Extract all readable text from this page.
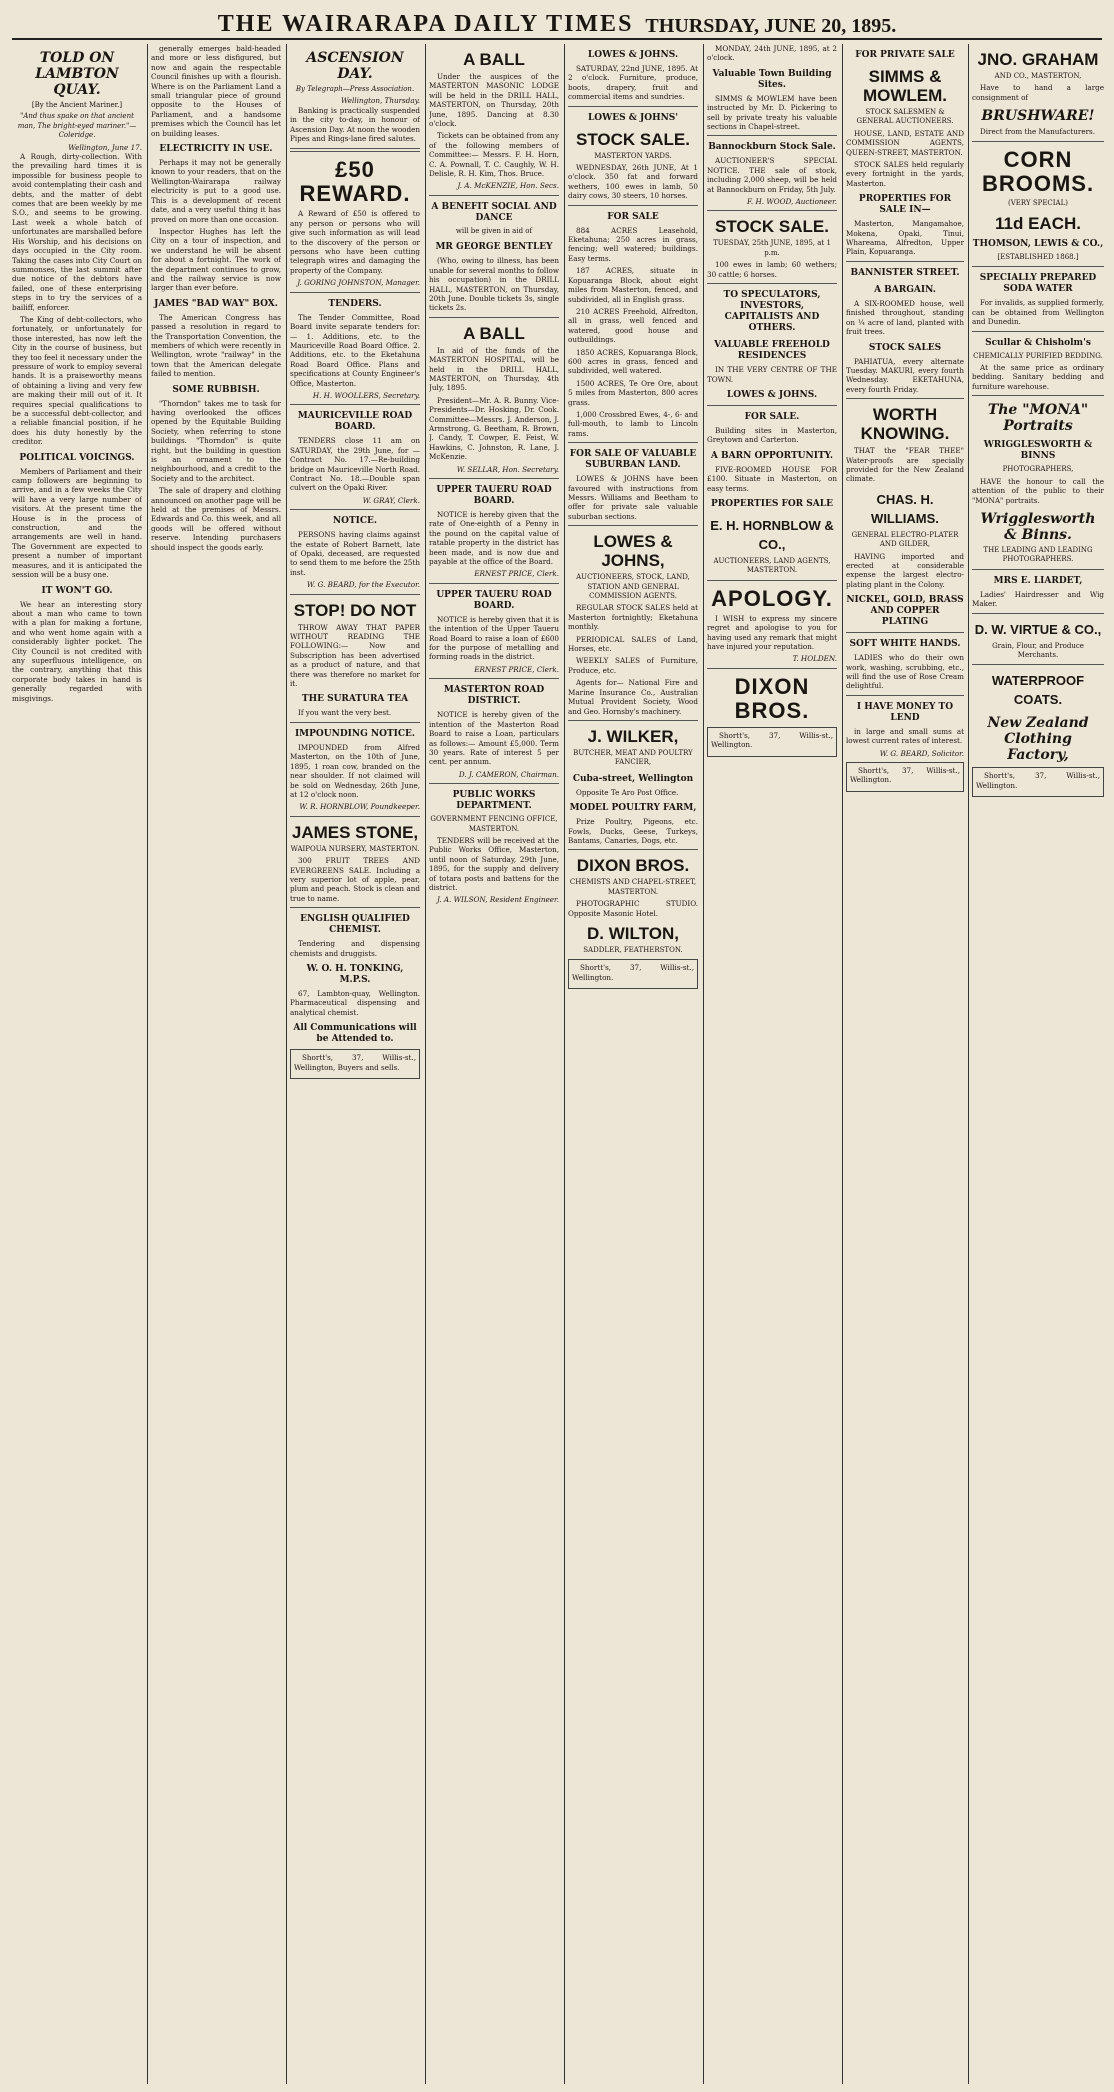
THE WAIRARAPA DAILY TIMES THURSDAY, JUNE 20, 1895.
TOLD ON LAMBTON QUAY.
[By the Ancient Mariner.]
"And thus spake on that ancient man, The bright-eyed mariner."—Coleridge.
Wellington, June 17.

A Rough, dirty-collection. With the prevailing hard times it is impossible for business people to avoid contemplating their cash and debts, and the matter of debt comes that are been weekly by me S.O., and seems to be growing. Last week a whole batch of unfortunates are marshalled before His Worship, and his decisions on days occupied in the City room. Taking the cases into City Court on summonses, the last summit after due notice of the debtors have failed, one of these enterprising steps in to try the services of a bailiff, enforcer.

The King of debt-collectors, who fortunately, or unfortunately for those interested, has now left the City in the course of business, but they too feel it necessary under the pressure of work to employ several hands. It is a praiseworthy means of obtaining a living and very few are making their mill out of it. It requires special qualifications to be a successful debt-collector, and a reliable financial position, if he does his duty honestly by the creditor.

POLITICAL VOICINGS.

Members of Parliament and their camp followers are beginning to arrive, and in a few weeks the City will have a very large number of visitors. At the present time the House is in the process of construction, and the arrangements are well in hand. The Government are expected to present a number of important measures, and it is anticipated the session will be a busy one.

IT WON'T GO.

We hear an interesting story about a man who came to town with a plan for making a fortune, and who went home again with a considerably lighter pocket. The City Council is not credited with any superfluous intelligence, on the contrary, anything that this corporate body takes in hand is generally regarded with misgivings.

generally emerges bald-headed and more or less disfigured, but now and again the respectable Council finishes up with a flourish. Where is on the Parliament Land a small triangular piece of ground opposite to the Houses of Parliament, and a handsome premises which the Council has let on building leases.

ELECTRICITY IN USE.

Perhaps it may not be generally known to your readers, that on the Wellington-Wairarapa railway electricity is put to a good use. This is a development of recent date, and a very useful thing it has proved on more than one occasion.

Inspector Hughes has left the City on a tour of inspection, and we understand he will be absent for about a fortnight. The work of the department continues to grow, and the railway service is now larger than ever before.

JAMES "BAD WAY" BOX.

The American Congress has passed a resolution in regard to the Transportation Convention, the members of which were recently in Wellington, wrote "railway" in the town that the American delegate failed to mention.

SOME RUBBISH.

"Thorndon" takes me to task for having overlooked the offices opened by the Equitable Building Society, when referring to stone buildings. "Thorndon" is quite right, but the building in question is an ornament to the neighbourhood, and a credit to the Society and to the architect.

The sale of drapery and clothing announced on another page will be held at the premises of Messrs. Edwards and Co. this week, and all goods will be offered without reserve. Intending purchasers should inspect the goods early.

ASCENSION DAY.
By Telegraph—Press Association.
Wellington, Thursday.

Banking is practically suspended in the city to-day, in honour of Ascension Day. At noon the wooden Pipes and Rings-lane fired salutes.

£50 REWARD.

A Reward of £50 is offered to any person or persons who will give such information as will lead to the discovery of the person or persons who have been cutting telegraph wires and damaging the property of the Company.

J. GORING JOHNSTON, Manager.
TENDERS.

The Tender Committee, Road Board invite separate tenders for:— 1. Additions, etc. to the Mauriceville Road Board Office. 2. Additions, etc. to the Eketahuna Road Board Office. Plans and specifications at County Engineer's Office, Masterton.

H. H. WOOLLERS, Secretary.
MAURICEVILLE ROAD BOARD.

TENDERS close 11 am on SATURDAY, the 29th June, for — Contract No. 17.—Re-building bridge on Mauriceville North Road. Contract No. 18.—Double span culvert on the Opaki River.

W. GRAY, Clerk.
NOTICE.

PERSONS having claims against the estate of Robert Barnett, late of Opaki, deceased, are requested to send them to me before the 25th inst.

W. G. BEARD, for the Executor.
STOP! DO NOT

THROW AWAY THAT PAPER WITHOUT READING THE FOLLOWING:— Now and Subscription has been advertised as a product of nature, and that there was therefore no market for it.

THE SURATURA TEA

If you want the very best.

IMPOUNDING NOTICE.

IMPOUNDED from Alfred Masterton, on the 10th of June, 1895, 1 roan cow, branded on the near shoulder. If not claimed will be sold on Wednesday, 26th June, at 12 o'clock noon.

W. R. HORNBLOW, Poundkeeper.
JAMES STONE,
WAIPOUA NURSERY, MASTERTON.

300 FRUIT TREES AND EVERGREENS SALE. Including a very superior lot of apple, pear, plum and peach. Stock is clean and true to name.

ENGLISH QUALIFIED CHEMIST.

Tendering and dispensing chemists and druggists.

W. O. H. TONKING, M.P.S.

67, Lambton-quay, Wellington. Pharmaceutical dispensing and analytical chemist.

All Communications will be Attended to.

Shortt's, 37, Willis-st., Wellington, Buyers and sells.

A BALL

Under the auspices of the MASTERTON MASONIC LODGE will be held in the DRILL HALL, MASTERTON, on Thursday, 20th June, 1895. Dancing at 8.30 o'clock.

Tickets can be obtained from any of the following members of Committee:— Messrs. F. H. Horn, C. A. Pownall, T. C. Caughly, W. H. Delisle, R. H. Kim, Thos. Bruce.

J. A. McKENZIE, Hon. Secs.
A BENEFIT SOCIAL AND DANCE
will be given in aid of
MR GEORGE BENTLEY

(Who, owing to illness, has been unable for several months to follow his occupation) in the DRILL HALL, MASTERTON, on Thursday, 20th June. Double tickets 3s, single tickets 2s.

A BALL

In aid of the funds of the MASTERTON HOSPITAL, will be held in the DRILL HALL, MASTERTON, on Thursday, 4th July, 1895.

President—Mr. A. R. Bunny. Vice-Presidents—Dr. Hosking, Dr. Cook. Committee—Messrs. J. Anderson, J. Armstrong, G. Beetham, R. Brown, J. Candy, T. Cowper, E. Feist, W. Hawkins, C. Johnston, R. Lane, J. McKenzie.

W. SELLAR, Hon. Secretary.
UPPER TAUERU ROAD BOARD.

NOTICE is hereby given that the rate of One-eighth of a Penny in the pound on the capital value of ratable property in the district has been made, and is now due and payable at the office of the Board.

ERNEST PRICE, Clerk.
UPPER TAUERU ROAD BOARD.

NOTICE is hereby given that it is the intention of the Upper Taueru Road Board to raise a loan of £600 for the purpose of metalling and forming roads in the district.

ERNEST PRICE, Clerk.
MASTERTON ROAD DISTRICT.

NOTICE is hereby given of the intention of the Masterton Road Board to raise a Loan, particulars as follows:— Amount £5,000. Term 30 years. Rate of interest 5 per cent. per annum.

D. J. CAMERON, Chairman.
PUBLIC WORKS DEPARTMENT.
GOVERNMENT FENCING OFFICE, MASTERTON.

TENDERS will be received at the Public Works Office, Masterton, until noon of Saturday, 29th June, 1895, for the supply and delivery of totara posts and battens for the district.

J. A. WILSON, Resident Engineer.
LOWES & JOHNS.

SATURDAY, 22nd JUNE, 1895. At 2 o'clock. Furniture, produce, boots, drapery, fruit and commercial items and sundries.

LOWES & JOHNS'
STOCK SALE.
MASTERTON YARDS.

WEDNESDAY, 26th JUNE, At 1 o'clock. 350 fat and forward wethers, 100 ewes in lamb, 50 dairy cows, 30 steers, 10 horses.

FOR SALE

884 ACRES Leasehold, Eketahuna; 250 acres in grass, fencing; well watered; buildings. Easy terms.

187 ACRES, situate in Kopuaranga Block, about eight miles from Masterton, fenced, and subdivided, all in English grass.

210 ACRES Freehold, Alfredton, all in grass, well fenced and watered, good house and outbuildings.

1850 ACRES, Kopuaranga Block, 600 acres in grass, fenced and subdivided, well watered.

1500 ACRES, Te Ore Ore, about 5 miles from Masterton, 800 acres grass.

1,000 Crossbred Ewes, 4-, 6- and full-mouth, to lamb to Lincoln rams.

FOR SALE OF VALUABLE SUBURBAN LAND.

LOWES & JOHNS have been favoured with instructions from Messrs. Williams and Beetham to offer for private sale valuable suburban sections.

LOWES & JOHNS,
AUCTIONEERS, STOCK, LAND, STATION AND GENERAL COMMISSION AGENTS.

REGULAR STOCK SALES held at Masterton fortnightly; Eketahuna monthly.

PERIODICAL SALES of Land, Horses, etc.

WEEKLY SALES of Furniture, Produce, etc.

Agents for— National Fire and Marine Insurance Co., Australian Mutual Provident Society, Wood and Geo. Hornsby's machinery.

J. WILKER,
BUTCHER, MEAT AND POULTRY FANCIER,
Cuba-street, Wellington

Opposite Te Aro Post Office.

MODEL POULTRY FARM,

Prize Poultry, Pigeons, etc. Fowls, Ducks, Geese, Turkeys, Bantams, Canaries, Dogs, etc.

DIXON BROS.
CHEMISTS AND CHAPEL-STREET, MASTERTON.

PHOTOGRAPHIC STUDIO. Opposite Masonic Hotel.

D. WILTON,
SADDLER, FEATHERSTON.

Shortt's, 37, Willis-st., Wellington.

MONDAY, 24th JUNE, 1895, at 2 o'clock.

Valuable Town Building Sites.

SIMMS & MOWLEM have been instructed by Mr. D. Pickering to sell by private treaty his valuable sections in Chapel-street.

Bannockburn Stock Sale.

AUCTIONEER'S SPECIAL NOTICE. THE sale of stock, including 2,000 sheep, will be held at Bannockburn on Friday, 5th July.

F. H. WOOD, Auctioneer.
STOCK SALE.
TUESDAY, 25th JUNE, 1895, at 1 p.m.

100 ewes in lamb; 60 wethers; 30 cattle; 6 horses.

TO SPECULATORS, INVESTORS, CAPITALISTS AND OTHERS.
VALUABLE FREEHOLD RESIDENCES

IN THE VERY CENTRE OF THE TOWN.

LOWES & JOHNS.
FOR SALE.

Building sites in Masterton, Greytown and Carterton.

A BARN OPPORTUNITY.

FIVE-ROOMED HOUSE FOR £100. Situate in Masterton, on easy terms.

PROPERTIES FOR SALE
E. H. HORNBLOW & CO.,
AUCTIONEERS, LAND AGENTS, MASTERTON.
APOLOGY.

I WISH to express my sincere regret and apologise to you for having used any remark that might have injured your reputation.

T. HOLDEN.
DIXON BROS.

Shortt's, 37, Willis-st., Wellington.

FOR PRIVATE SALE
SIMMS & MOWLEM.
STOCK SALESMEN & GENERAL AUCTIONEERS.

HOUSE, LAND, ESTATE AND COMMISSION AGENTS, QUEEN-STREET, MASTERTON.

STOCK SALES held regularly every fortnight in the yards, Masterton.

PROPERTIES FOR SALE IN—

Masterton, Mangamahoe, Mokena, Opaki, Tinui, Whareama, Alfredton, Upper Plain, Kopuaranga.

BANNISTER STREET.
A BARGAIN.

A SIX-ROOMED house, well finished throughout, standing on ¼ acre of land, planted with fruit trees.

STOCK SALES

PAHIATUA, every alternate Tuesday. MAKURI, every fourth Wednesday. EKETAHUNA, every fourth Friday.

WORTH KNOWING.

THAT the "FEAR THEE" Water-proofs are specially provided for the New Zealand climate.

CHAS. H. WILLIAMS.
GENERAL ELECTRO-PLATER AND GILDER,

HAVING imported and erected at considerable expense the largest electro-plating plant in the Colony.

NICKEL, GOLD, BRASS AND COPPER PLATING
SOFT WHITE HANDS.

LADIES who do their own work, washing, scrubbing, etc., will find the use of Rose Cream delightful.

I HAVE MONEY TO LEND

in large and small sums at lowest current rates of interest.

W. G. BEARD, Solicitor.

Shortt's, 37, Willis-st., Wellington.

JNO. GRAHAM
AND CO., MASTERTON,

Have to hand a large consignment of

BRUSHWARE!

Direct from the Manufacturers.

CORN BROOMS.
(VERY SPECIAL)
11d EACH.
THOMSON, LEWIS & CO.,
[ESTABLISHED 1868.]
SPECIALLY PREPARED SODA WATER

For invalids, as supplied formerly, can be obtained from Wellington and Dunedin.

Scullar & Chisholm's
CHEMICALLY PURIFIED BEDDING.

At the same price as ordinary bedding. Sanitary bedding and furniture warehouse.

The "MONA" Portraits
WRIGGLESWORTH & BINNS
PHOTOGRAPHERS,

HAVE the honour to call the attention of the public to their "MONA" portraits.

Wrigglesworth & Binns.
THE LEADING AND LEADING PHOTOGRAPHERS.
MRS E. LIARDET,

Ladies' Hairdresser and Wig Maker.

D. W. VIRTUE & CO.,
Grain, Flour, and Produce Merchants.
WATERPROOF COATS.
New Zealand Clothing Factory,

Shortt's, 37, Willis-st., Wellington.
